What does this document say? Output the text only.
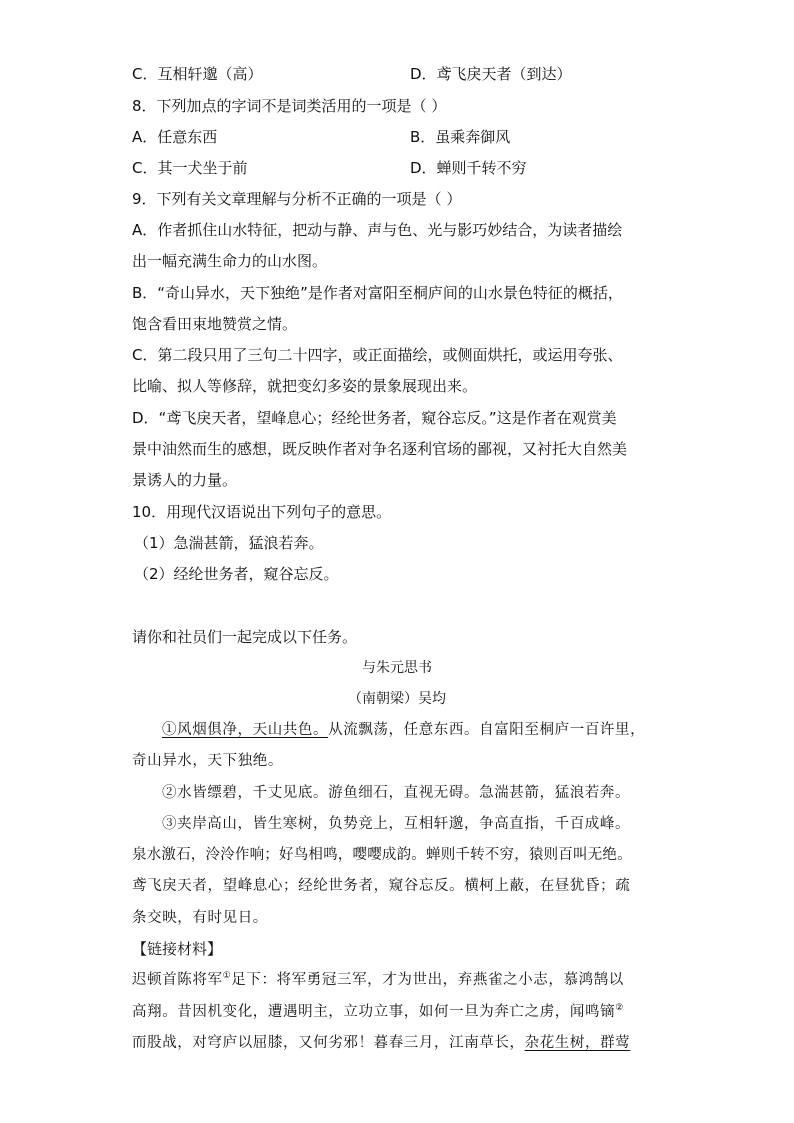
C．互相轩邈（高）	D．鸢飞戾天者（到达）
8．下列加点的字词不是词类活用的一项是（ ）
A．任意东西	B．虽乘奔御风
C．其一犬坐于前	D．蝉则千转不穷
9．下列有关文章理解与分析不正确的一项是（ ）
A．作者抓住山水特征，把动与静、声与色、光与影巧妙结合，为读者描绘
出一幅充满生命力的山水图。
B．“奇山异水，天下独绝”是作者对富阳至桐庐间的山水景色特征的概括，
饱含看田束地赞赏之情。
C．第二段只用了三句二十四字，或正面描绘，或侧面烘托，或运用夸张、
比喻、拟人等修辞，就把变幻多姿的景象展现出来。
D．“鸢飞戾天者，望峰息心；经纶世务者，窥谷忘反。”这是作者在观赏美
景中油然而生的感想，既反映作者对争名逐利官场的鄙视，又衬托大自然美
景诱人的力量。
10．用现代汉语说出下列句子的意思。
（1）急湍甚箭，猛浪若奔。
（2）经纶世务者，窥谷忘反。
请你和社员们一起完成以下任务。
与朱元思书
（南朝梁）吴均
①风烟俱净，天山共色。从流飘荡，任意东西。自富阳至桐庐一百许里，
奇山异水，天下独绝。
②水皆缥碧，千丈见底。游鱼细石，直视无碍。急湍甚箭，猛浪若奔。
③夹岸高山，皆生寒树，负势竞上，互相轩邈，争高直指，千百成峰。
泉水激石，泠泠作响；好鸟相鸣，嘤嘤成韵。蝉则千转不穷，猿则百叫无绝。
鸢飞戾天者，望峰息心；经纶世务者，窥谷忘反。横柯上蔽，在昼犹昏；疏
条交映，有时见日。
【链接材料】
迟顿首陈将军①足下：将军勇冠三军，才为世出，弃燕雀之小志，慕鸿鹄以
高翔。昔因机变化，遭遇明主，立功立事，如何一旦为奔亡之虏，闻鸣镝②
而股战，对穹庐以屈膝，又何劣邪！暮春三月，江南草长，杂花生树，群莺
